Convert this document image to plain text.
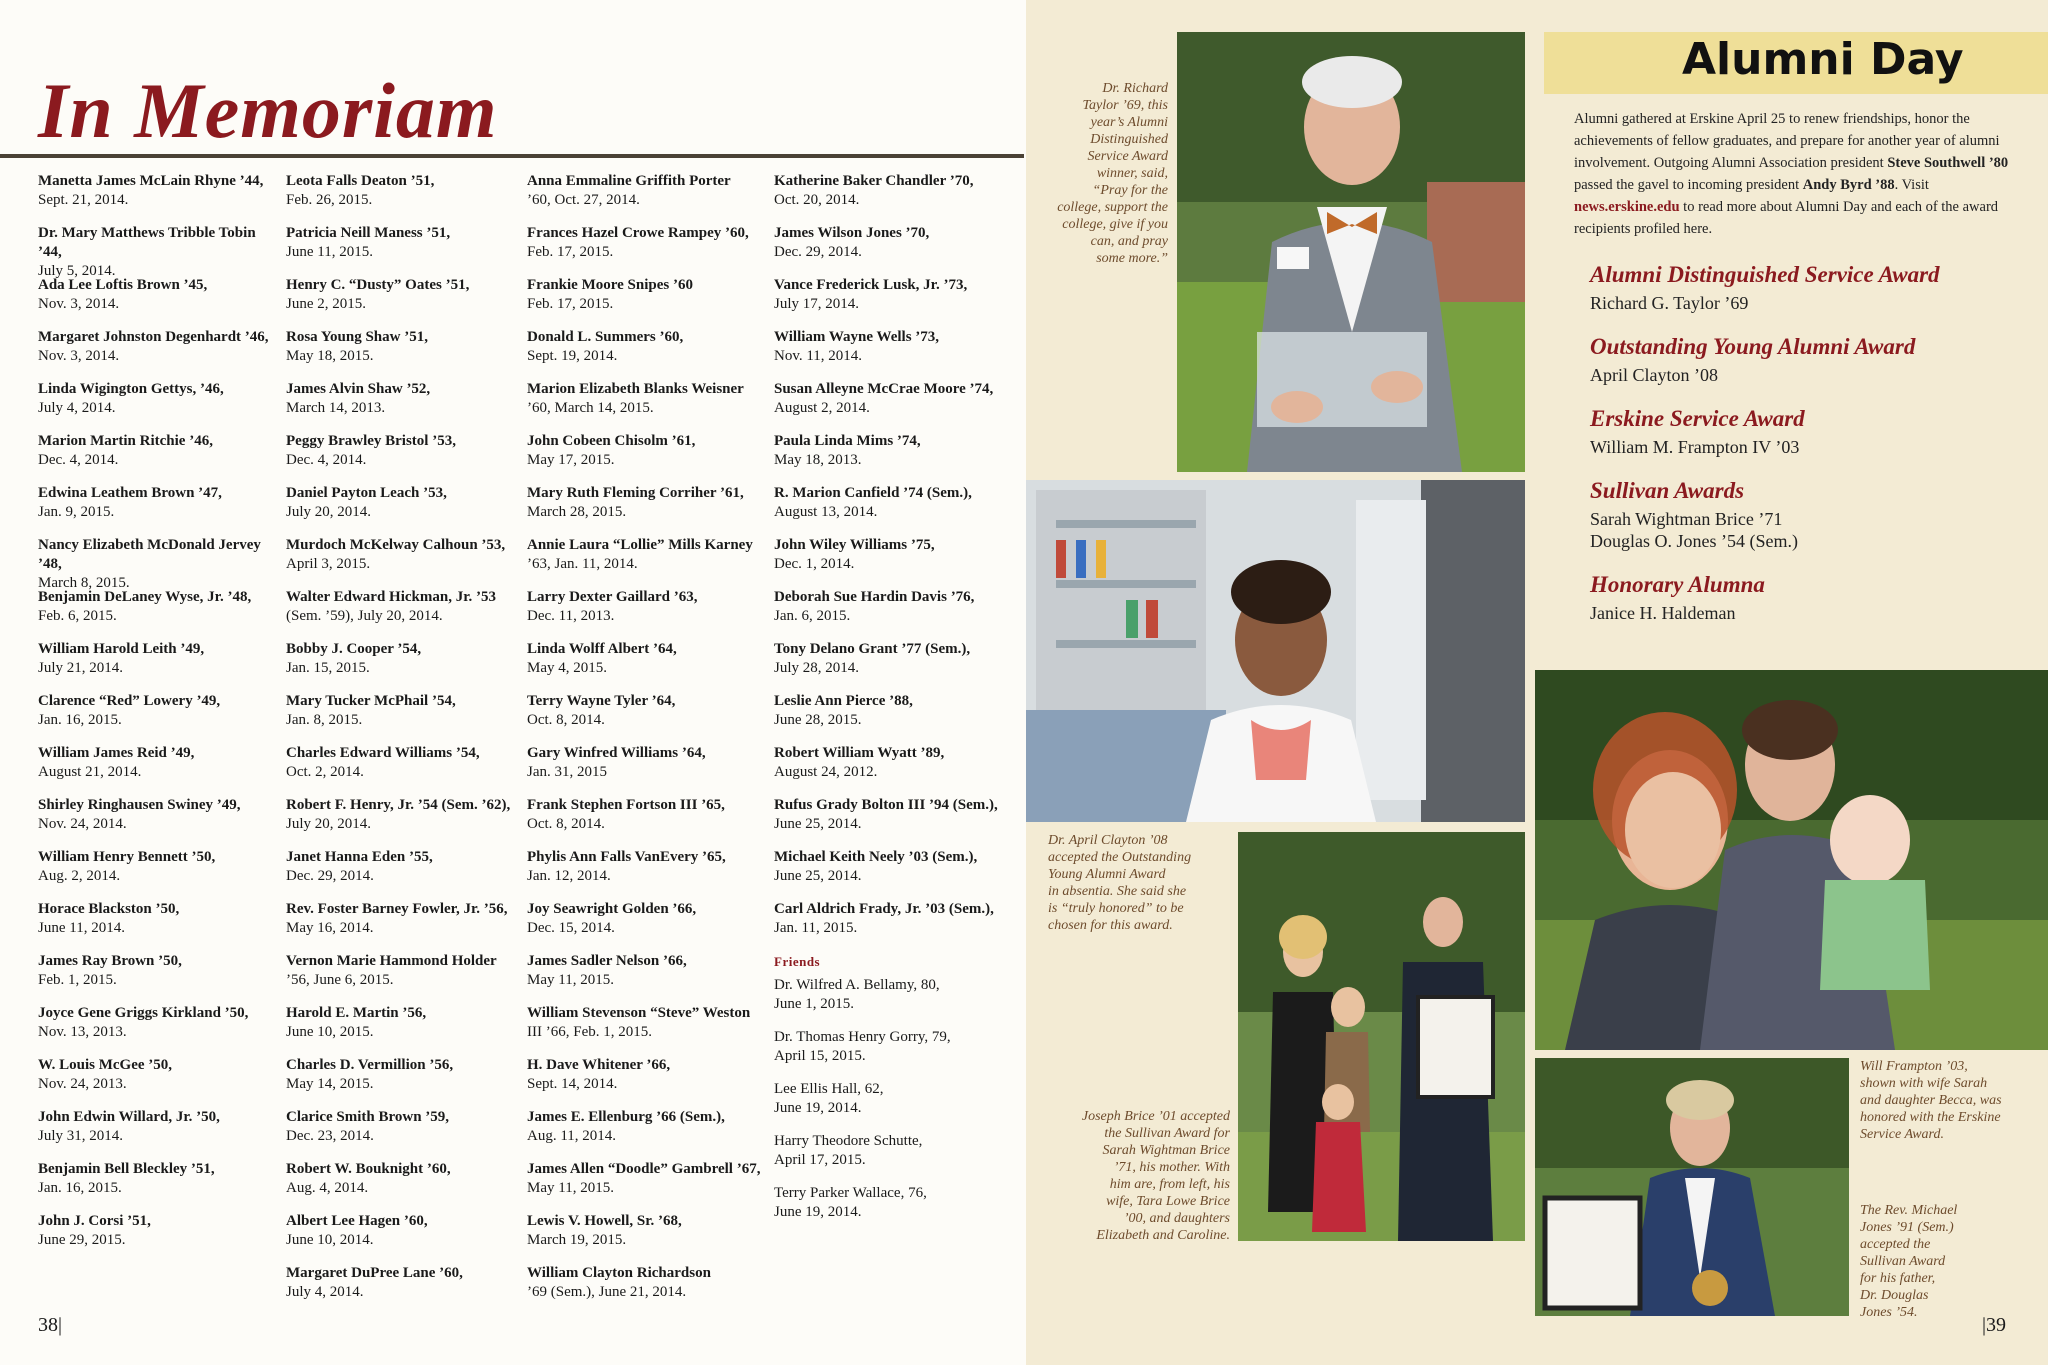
In Memoriam
Manetta James McLain Rhyne ’44,
Sept. 21, 2014.
Dr. Mary Matthews Tribble Tobin ’44,
July 5, 2014.
Ada Lee Loftis Brown ’45,
Nov. 3, 2014.
Margaret Johnston Degenhardt ’46,
Nov. 3, 2014.
Linda Wigington Gettys, ’46,
July 4, 2014.
Marion Martin Ritchie ’46,
Dec. 4, 2014.
Edwina Leathem Brown ’47,
Jan. 9, 2015.
Nancy Elizabeth McDonald Jervey ’48,
March 8, 2015.
Benjamin DeLaney Wyse, Jr. ’48,
Feb. 6, 2015.
William Harold Leith ’49,
July 21, 2014.
Clarence “Red” Lowery ’49,
Jan. 16, 2015.
William James Reid ’49,
August 21, 2014.
Shirley Ringhausen Swiney ’49,
Nov. 24, 2014.
William Henry Bennett ’50,
Aug. 2, 2014.
Horace Blackston ’50,
June 11, 2014.
James Ray Brown ’50,
Feb. 1, 2015.
Joyce Gene Griggs Kirkland ’50,
Nov. 13, 2013.
W. Louis McGee ’50,
Nov. 24, 2013.
John Edwin Willard, Jr. ’50,
July 31, 2014.
Benjamin Bell Bleckley ’51,
Jan. 16, 2015.
John J. Corsi ’51,
June 29, 2015.
Leota Falls Deaton ’51,
Feb. 26, 2015.
Patricia Neill Maness ’51,
June 11, 2015.
Henry C. “Dusty” Oates ’51,
June 2, 2015.
Rosa Young Shaw ’51,
May 18, 2015.
James Alvin Shaw ’52,
March 14, 2013.
Peggy Brawley Bristol ’53,
Dec. 4, 2014.
Daniel Payton Leach ’53,
July 20, 2014.
Murdoch McKelway Calhoun ’53,
April 3, 2015.
Walter Edward Hickman, Jr. ’53
(Sem. ’59), July 20, 2014.
Bobby J. Cooper ’54,
Jan. 15, 2015.
Mary Tucker McPhail ’54,
Jan. 8, 2015.
Charles Edward Williams ’54,
Oct. 2, 2014.
Robert F. Henry, Jr. ’54 (Sem. ’62),
July 20, 2014.
Janet Hanna Eden ’55,
Dec. 29, 2014.
Rev. Foster Barney Fowler, Jr. ’56,
May 16, 2014.
Vernon Marie Hammond Holder
’56, June 6, 2015.
Harold E. Martin ’56,
June 10, 2015.
Charles D. Vermillion ’56,
May 14, 2015.
Clarice Smith Brown ’59,
Dec. 23, 2014.
Robert W. Bouknight ’60,
Aug. 4, 2014.
Albert Lee Hagen ’60,
June 10, 2014.
Margaret DuPree Lane ’60,
July 4, 2014.
Anna Emmaline Griffith Porter
’60, Oct. 27, 2014.
Frances Hazel Crowe Rampey ’60,
Feb. 17, 2015.
Frankie Moore Snipes ’60
Feb. 17, 2015.
Donald L. Summers ’60,
Sept. 19, 2014.
Marion Elizabeth Blanks Weisner
’60, March 14, 2015.
John Cobeen Chisolm ’61,
May 17, 2015.
Mary Ruth Fleming Corriher ’61,
March 28, 2015.
Annie Laura “Lollie” Mills Karney
’63, Jan. 11, 2014.
Larry Dexter Gaillard ’63,
Dec. 11, 2013.
Linda Wolff Albert ’64,
May 4, 2015.
Terry Wayne Tyler ’64,
Oct. 8, 2014.
Gary Winfred Williams ’64,
Jan. 31, 2015
Frank Stephen Fortson III ’65,
Oct. 8, 2014.
Phylis Ann Falls VanEvery ’65,
Jan. 12, 2014.
Joy Seawright Golden ’66,
Dec. 15, 2014.
James Sadler Nelson ’66,
May 11, 2015.
William Stevenson “Steve” Weston
III ’66, Feb. 1, 2015.
H. Dave Whitener ’66,
Sept. 14, 2014.
James E. Ellenburg ’66 (Sem.),
Aug. 11, 2014.
James Allen “Doodle” Gambrell ’67,
May 11, 2015.
Lewis V. Howell, Sr. ’68,
March 19, 2015.
William Clayton Richardson
’69 (Sem.), June 21, 2014.
Katherine Baker Chandler ’70,
Oct. 20, 2014.
James Wilson Jones ’70,
Dec. 29, 2014.
Vance Frederick Lusk, Jr. ’73,
July 17, 2014.
William Wayne Wells ’73,
Nov. 11, 2014.
Susan Alleyne McCrae Moore ’74,
August 2, 2014.
Paula Linda Mims ’74,
May 18, 2013.
R. Marion Canfield ’74 (Sem.),
August 13, 2014.
John Wiley Williams ’75,
Dec. 1, 2014.
Deborah Sue Hardin Davis ’76,
Jan. 6, 2015.
Tony Delano Grant ’77 (Sem.),
July 28, 2014.
Leslie Ann Pierce ’88,
June 28, 2015.
Robert William Wyatt ’89,
August 24, 2012.
Rufus Grady Bolton III ’94 (Sem.),
June 25, 2014.
Michael Keith Neely ’03 (Sem.),
June 25, 2014.
Carl Aldrich Frady, Jr. ’03 (Sem.),
Jan. 11, 2015.
Friends
Dr. Wilfred A. Bellamy, 80,
June 1, 2015.
Dr. Thomas Henry Gorry, 79,
April 15, 2015.
Lee Ellis Hall, 62,
June 19, 2014.
Harry Theodore Schutte,
April 17, 2015.
Terry Parker Wallace, 76,
June 19, 2014.
38|
Alumni Day
Alumni gathered at Erskine April 25 to renew friendships, honor the achievements of fellow graduates, and prepare for another year of alumni involvement. Outgoing Alumni Association president Steve Southwell ’80 passed the gavel to incoming president Andy Byrd ’88. Visit news.erskine.edu to read more about Alumni Day and each of the award recipients profiled here.
Alumni Distinguished Service Award
Richard G. Taylor ’69
Outstanding Young Alumni Award
April Clayton ’08
Erskine Service Award
William M. Frampton IV ’03
Sullivan Awards
Sarah Wightman Brice ’71
Douglas O. Jones ’54 (Sem.)
Honorary Alumna
Janice H. Haldeman
Dr. Richard
Taylor ’69, this
year’s Alumni
Distinguished
Service Award
winner, said,
“Pray for the
college, support the
college, give if you
can, and pray
some more.”
Dr. April Clayton ’08
accepted the Outstanding
Young Alumni Award
in absentia. She said she
is “truly honored” to be
chosen for this award.
Joseph Brice ’01 accepted
the Sullivan Award for
Sarah Wightman Brice
’71, his mother. With
him are, from left, his
wife, Tara Lowe Brice
’00, and daughters
Elizabeth and Caroline.
Will Frampton ’03,
shown with wife Sarah
and daughter Becca, was
honored with the Erskine
Service Award.
The Rev. Michael
Jones ’91 (Sem.)
accepted the
Sullivan Award
for his father,
Dr. Douglas
Jones ’54.
|39
